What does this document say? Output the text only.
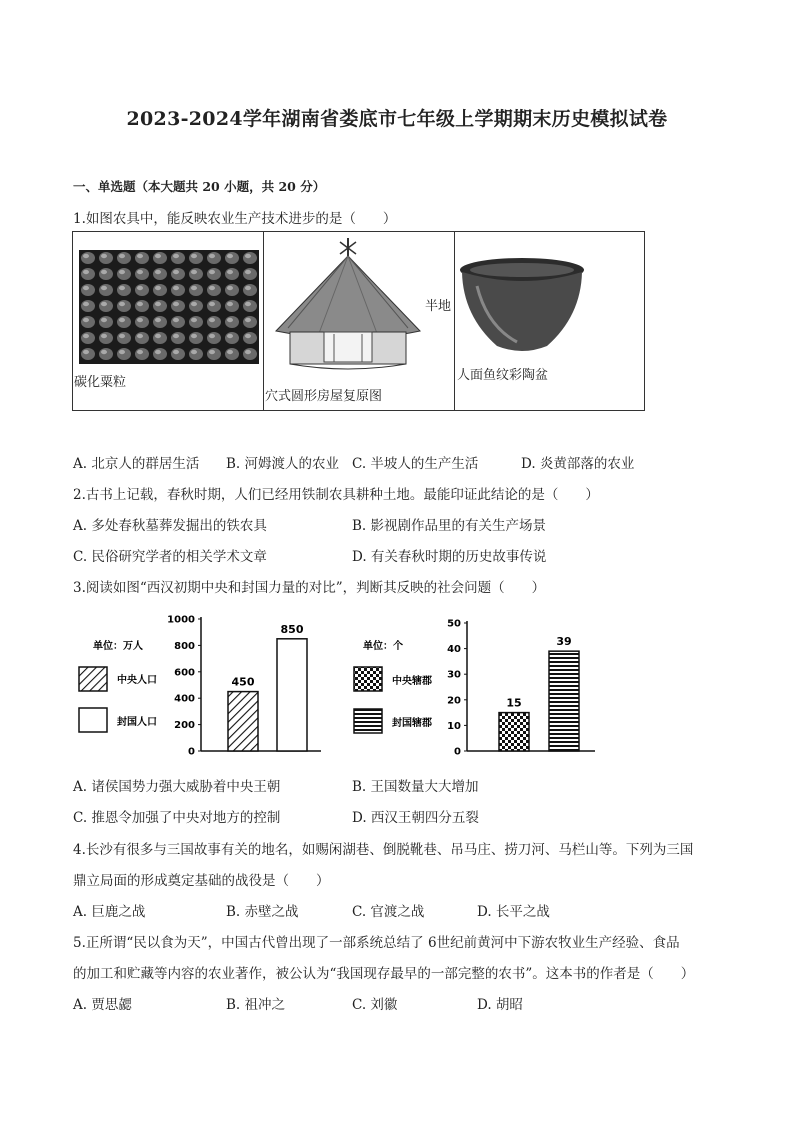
2023-2024学年湖南省娄底市七年级上学期期末历史模拟试卷
一、单选题（本大题共 20 小题，共 20 分）
1.如图农具中，能反映农业生产技术进步的是（　　）
碳化粟粒
穴式圆形房屋复原图
半地
人面鱼纹彩陶盆
A. 北京人的群居生活 B. 河姆渡人的农业 C. 半坡人的生产生活	D. 炎黄部落的农业
2.古书上记载，春秋时期，人们已经用铁制农具耕种土地。最能印证此结论的是（　　）
A. 多处春秋墓葬发掘出的铁农具	B. 影视剧作品里的有关生产场景
C. 民俗研究学者的相关学术文章	D. 有关春秋时期的历史故事传说
3.阅读如图“西汉初期中央和封国力量的对比”，判断其反映的社会问题（　　）
单位：万人
中央人口
封国人口
1000
800
600
400
200
0
450
850
单位：个
中央辖郡
封国辖郡
50
40
30
20
10
0
15
39
A. 诸侯国势力强大威胁着中央王朝	B. 王国数量大大增加
C. 推恩令加强了中央对地方的控制	D. 西汉王朝四分五裂
4.长沙有很多与三国故事有关的地名，如赐闲湖巷、倒脱靴巷、吊马庄、捞刀河、马栏山等。下列为三国
鼎立局面的形成奠定基础的战役是（　　）
A. 巨鹿之战	B. 赤壁之战	C. 官渡之战	D. 长平之战
5.正所谓“民以食为天”，中国古代曾出现了一部系统总结了 6世纪前黄河中下游农牧业生产经验、食品
的加工和贮藏等内容的农业著作，被公认为“我国现存最早的一部完整的农书”。这本书的作者是（　　）
A. 贾思勰	B. 祖冲之	C. 刘徽	D. 胡昭
